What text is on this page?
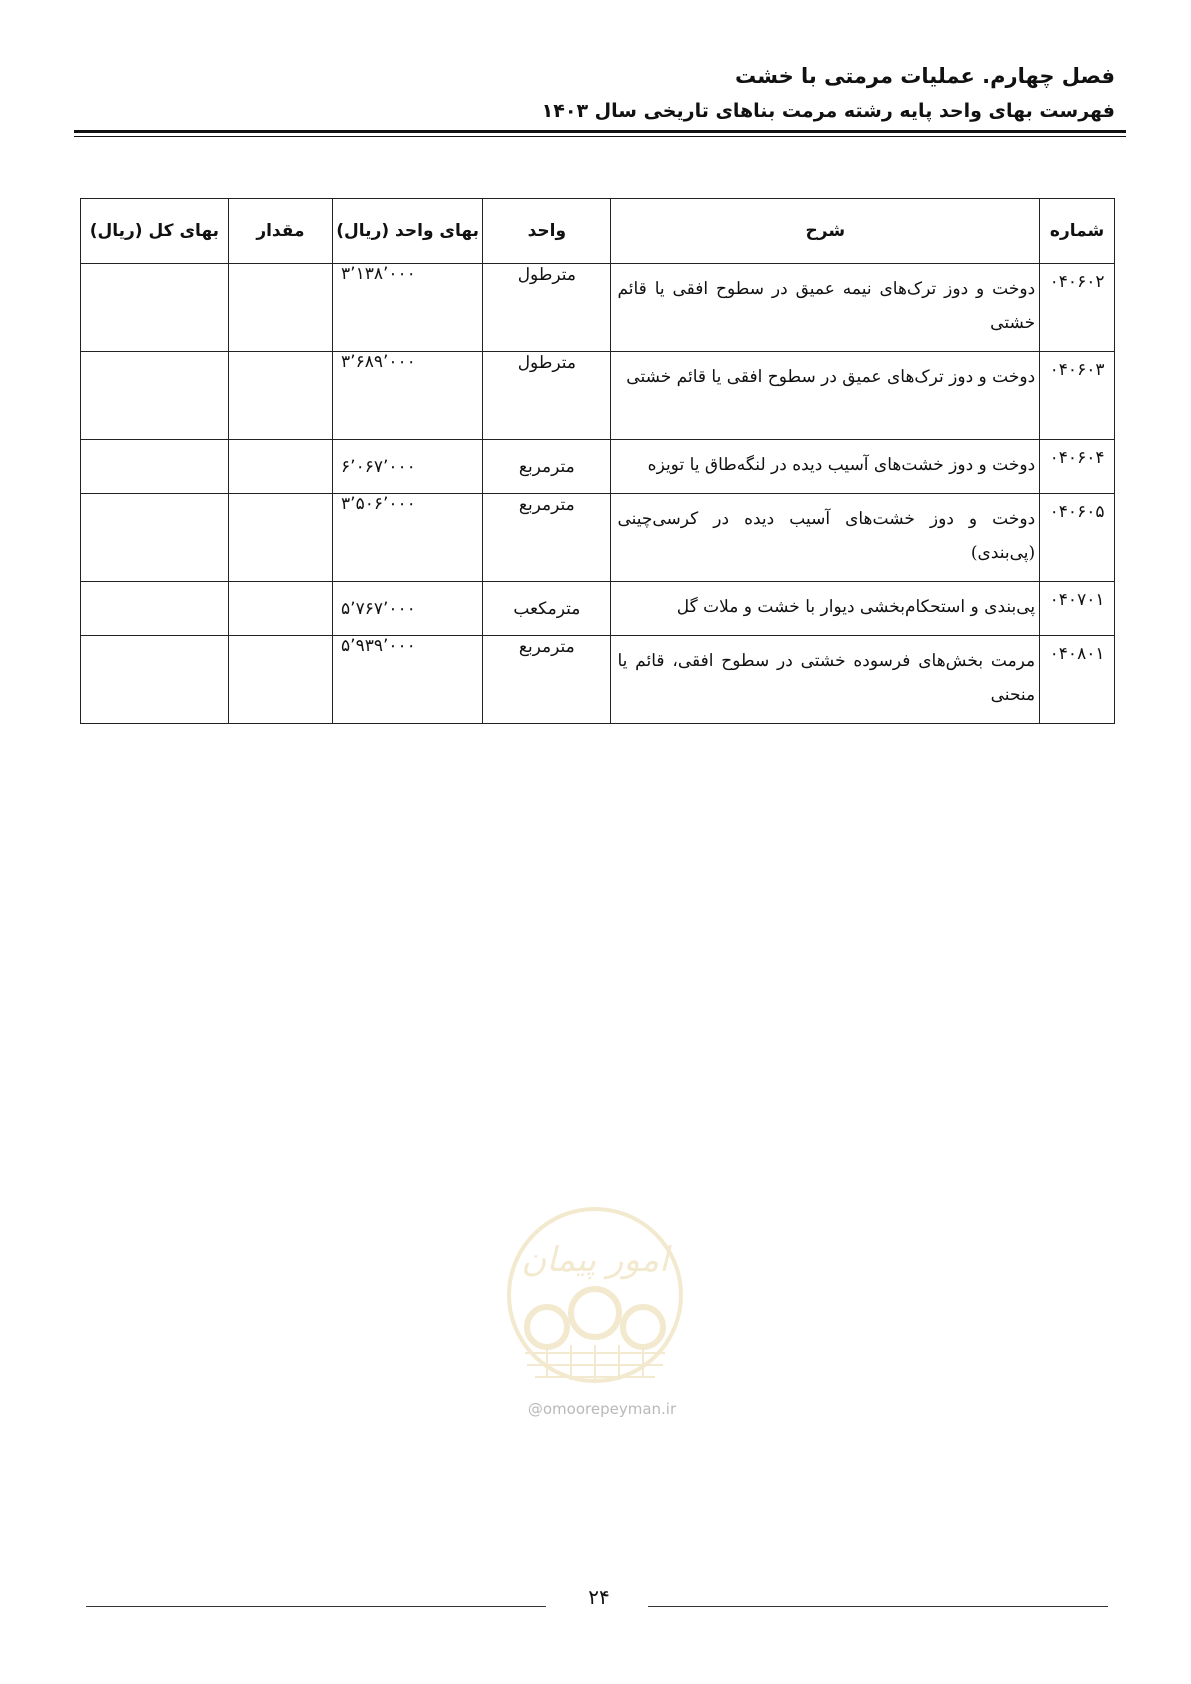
فصل چهارم. عملیات مرمتی با خشت
فهرست بهای واحد پایه رشته مرمت بناهای تاریخی سال ۱۴۰۳
شماره	شرح	واحد	بهای واحد (ریال)	مقدار	بهای کل (ریال)
۰۴۰۶۰۲	دوخت و دوز ترک‌های نیمه عمیق در سطوح افقی یا قائم خشتی	مترطول	۳٬۱۳۸٬۰۰۰		
۰۴۰۶۰۳	دوخت و دوز ترک‌های عمیق در سطوح افقی یا قائم خشتی	مترطول	۳٬۶۸۹٬۰۰۰		
۰۴۰۶۰۴	دوخت و دوز خشت‌های آسیب دیده در لنگه‌طاق یا تویزه	مترمربع	۶٬۰۶۷٬۰۰۰		
۰۴۰۶۰۵	دوخت و دوز خشت‌های آسیب دیده در کرسی‌چینی (پی‌بندی)	مترمربع	۳٬۵۰۶٬۰۰۰		
۰۴۰۷۰۱	پی‌بندی و استحکام‌بخشی دیوار با خشت و ملات گل	مترمکعب	۵٬۷۶۷٬۰۰۰		
۰۴۰۸۰۱	مرمت بخش‌های فرسوده خشتی در سطوح افقی، قائم یا منحنی	مترمربع	۵٬۹۳۹٬۰۰۰		
امور پیمان
@omoorepeyman.ir
۲۴
